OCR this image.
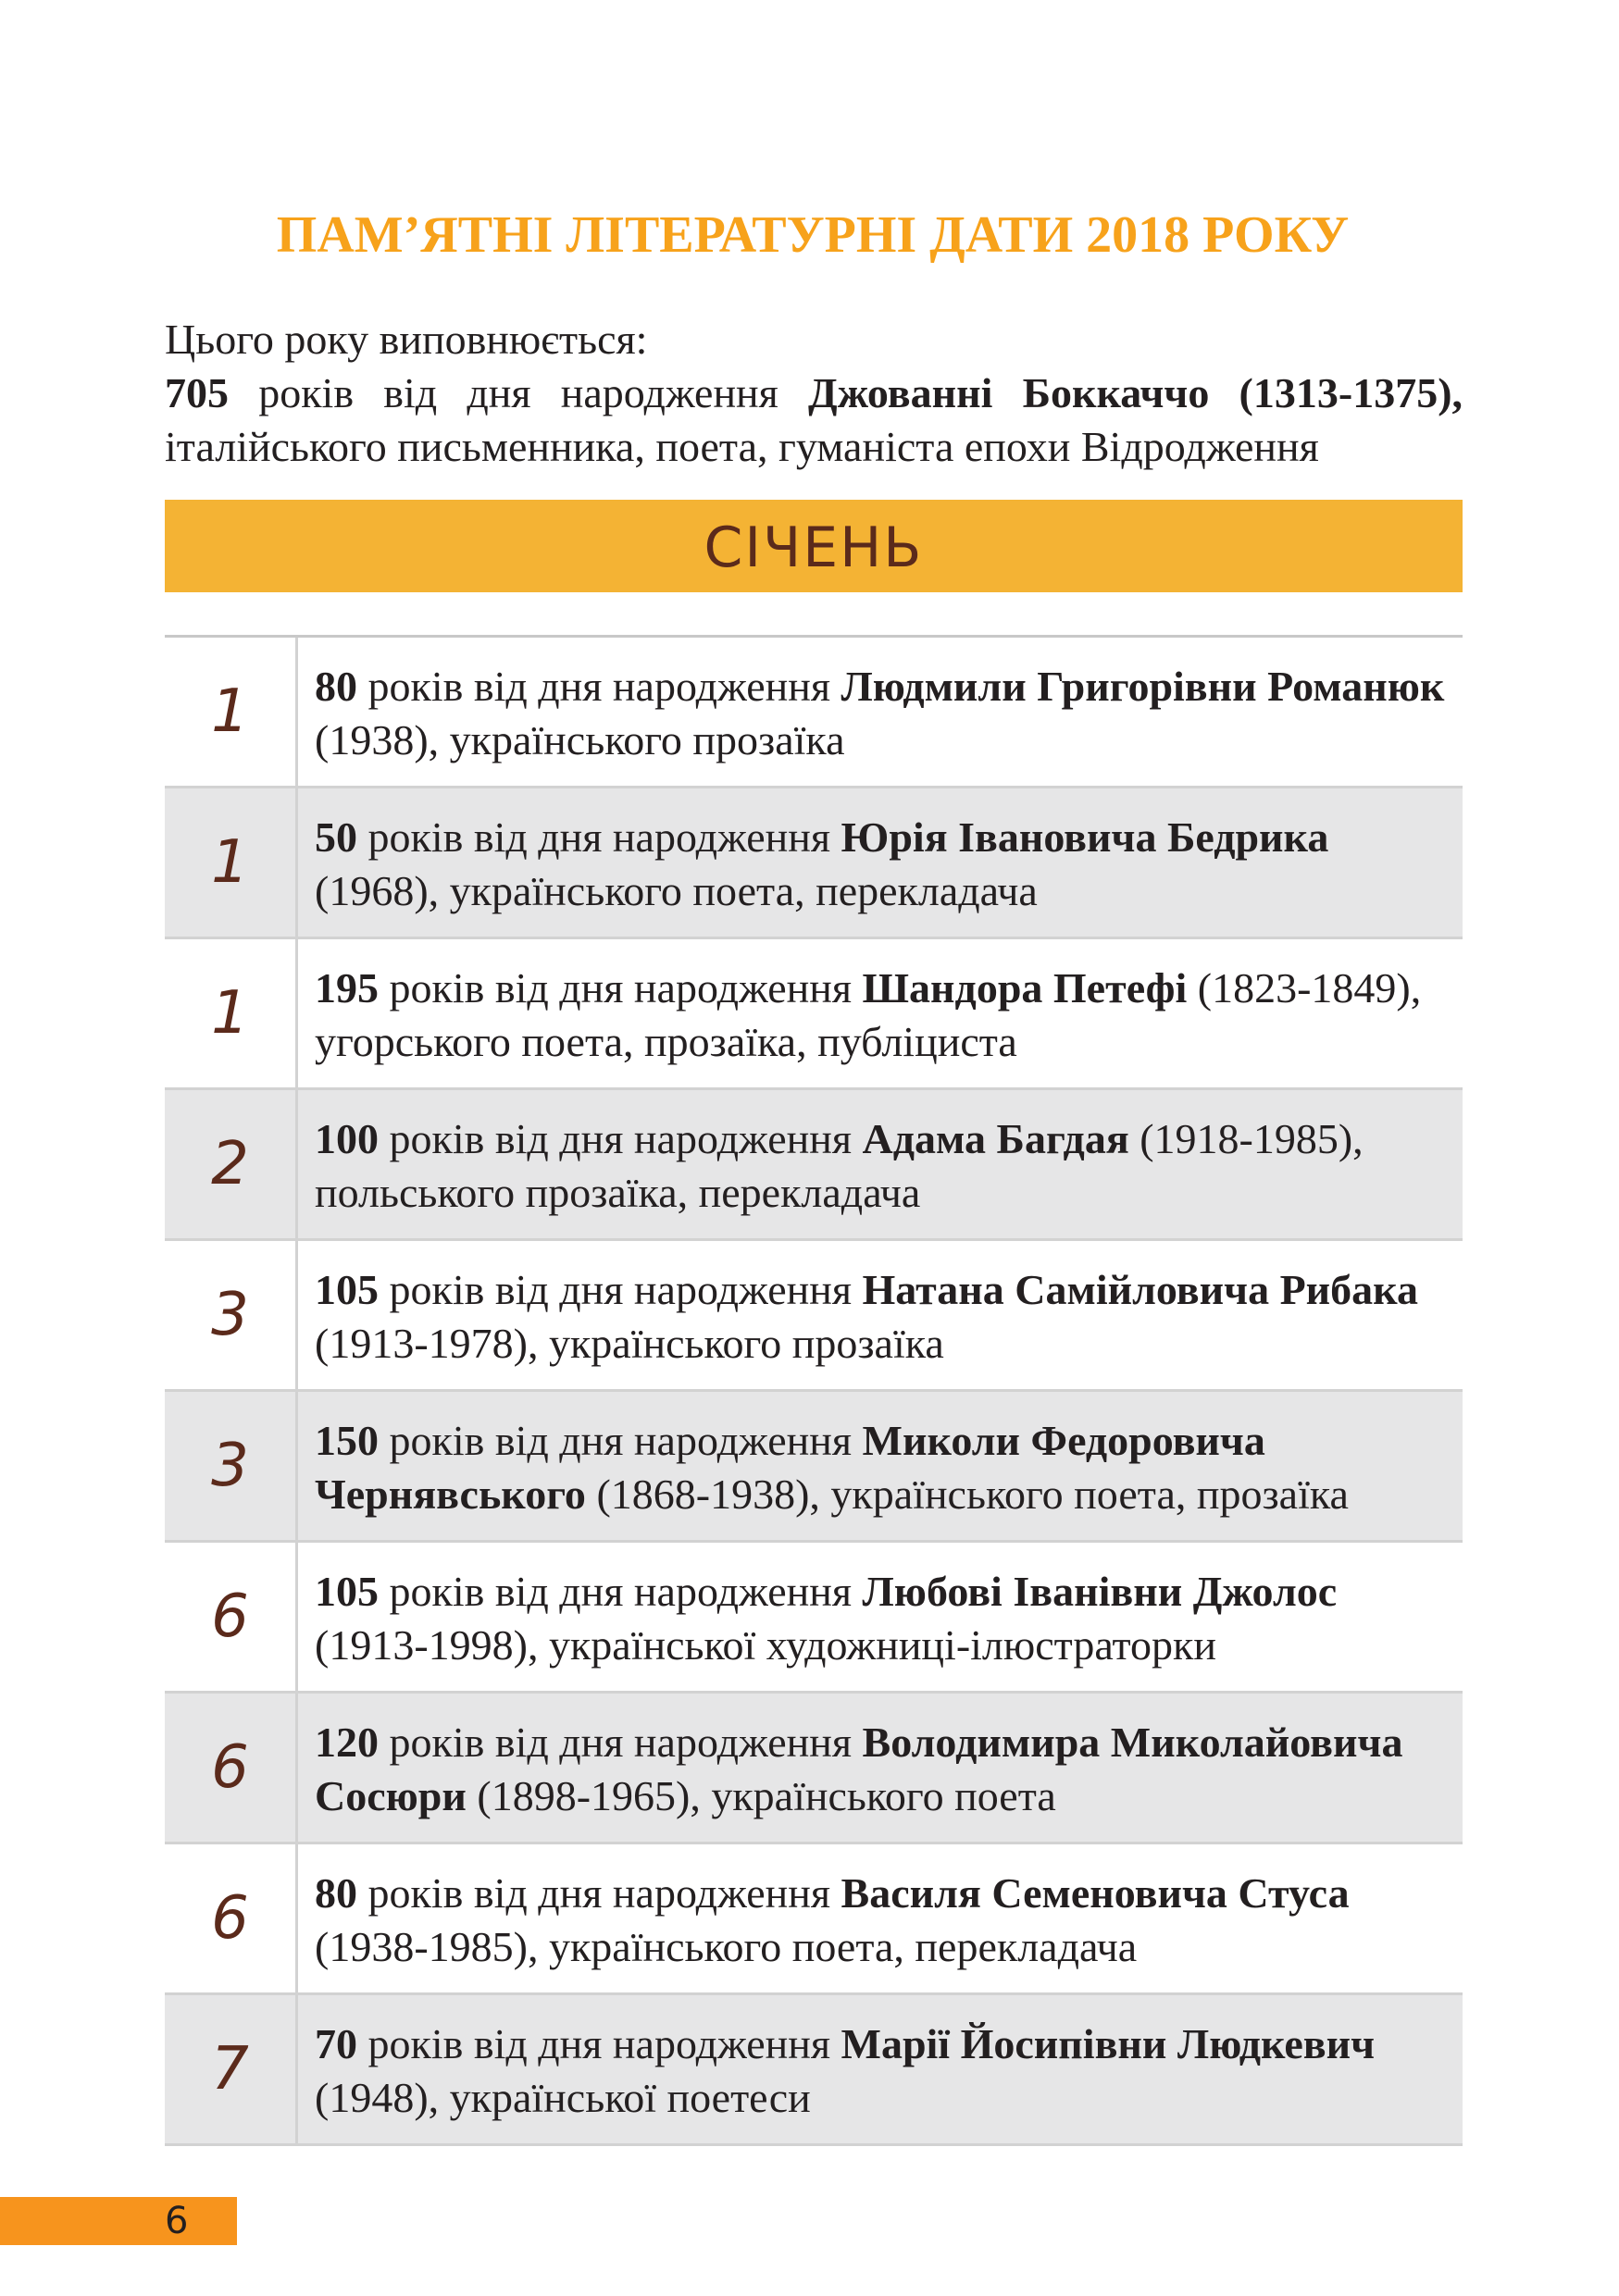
ПАМ’ЯТНІ ЛІТЕРАТУРНІ ДАТИ 2018 РОКУ

Цього року виповнюється:

705 років від дня народження Джованні Боккаччо (1313-1375),

італійського письменника, поета, гуманіста епохи Відродження

СІЧЕНЬ
1	80 років від дня народження Людмили Григорівни Романюк (1938), українського прозаїка
1	50 років від дня народження Юрія Івановича Бедрика (1968), українського поета, перекладача
1	195 років від дня народження Шандора Петефі (1823-1849), угорського поета, прозаїка, публіциста
2	100 років від дня народження Адама Багдая (1918-1985), польського прозаїка, перекладача
3	105 років від дня народження Натана Самійловича Рибака (1913-1978), українського прозаїка
3	150 років від дня народження Миколи Федоровича Чернявського (1868-1938), українського поета, прозаїка
6	105 років від дня народження Любові Іванівни Джолос (1913-1998), української художниці-ілюстраторки
6	120 років від дня народження Володимира Миколайовича Сосюри (1898-1965), українського поета
6	80 років від дня народження Василя Семеновича Стуса (1938-1985), українського поета, перекладача
7	70 років від дня народження Марії Йосипівни Людкевич (1948), української поетеси
6
